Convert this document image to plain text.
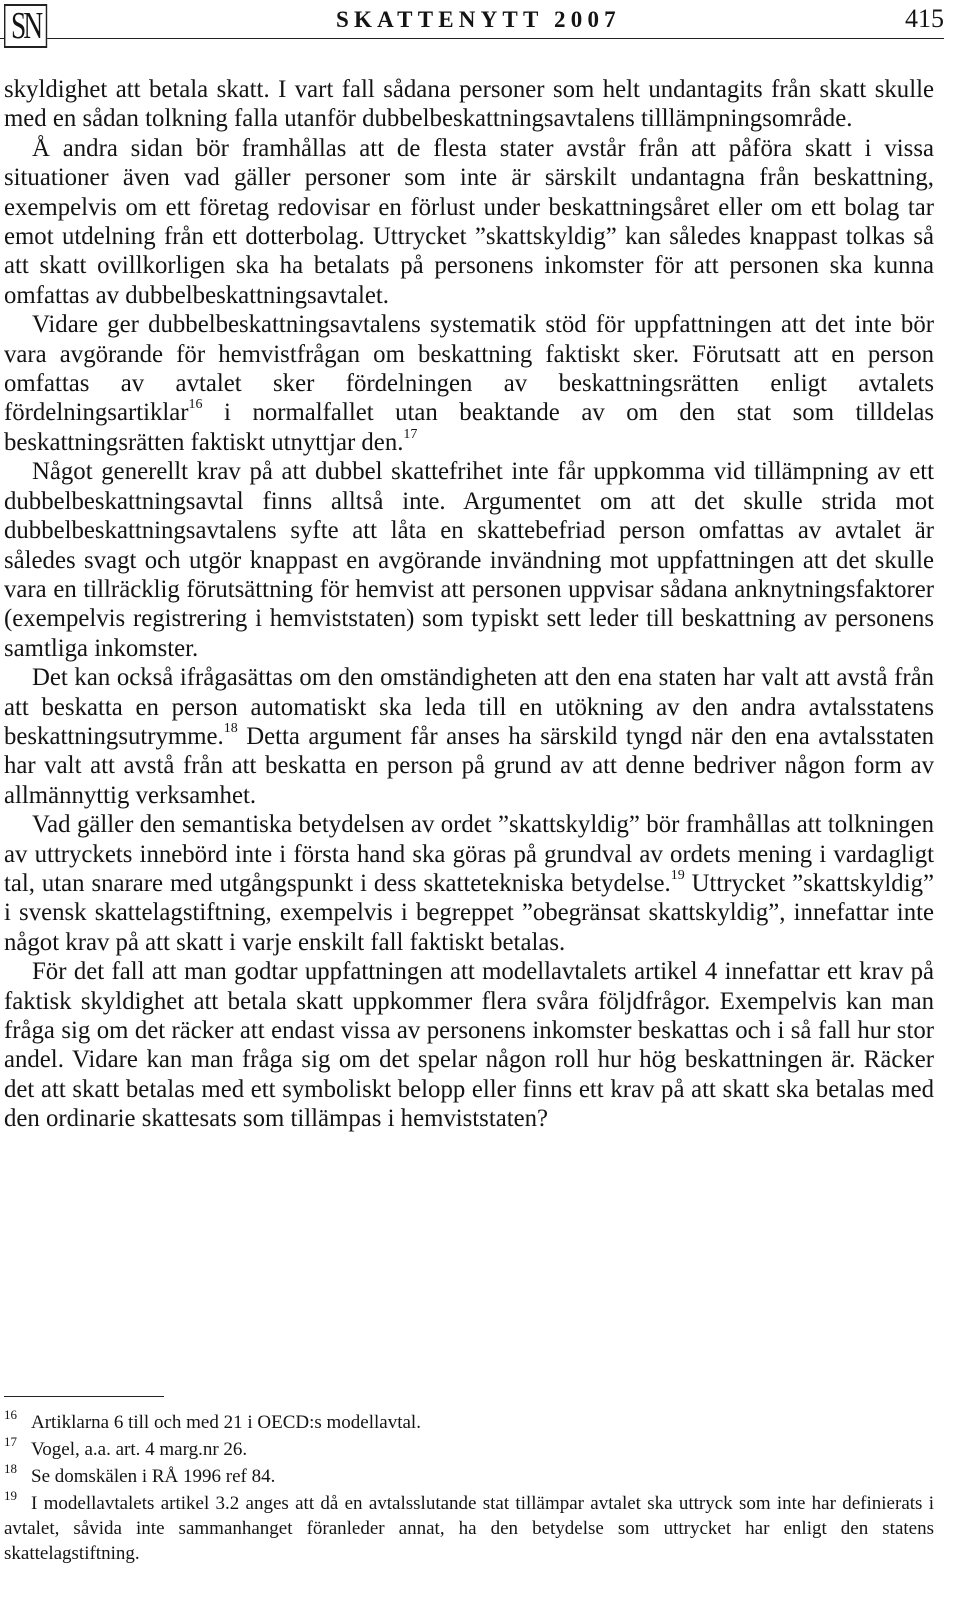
SN	SKATTENYTT 2007	415

skyldighet att betala skatt. I vart fall sådana personer som helt undantagits från skatt skulle med en sådan tolkning falla utanför dubbelbeskattningsavtalens tilllämpningsområde.

Å andra sidan bör framhållas att de flesta stater avstår från att påföra skatt i vissa situationer även vad gäller personer som inte är särskilt undantagna från beskattning, exempelvis om ett företag redovisar en förlust under beskattningsåret eller om ett bolag tar emot utdelning från ett dotterbolag. Uttrycket ”skattskyldig” kan således knappast tolkas så att skatt ovillkorligen ska ha betalats på personens inkomster för att personen ska kunna omfattas av dubbelbeskattningsavtalet.

Vidare ger dubbelbeskattningsavtalens systematik stöd för uppfattningen att det inte bör vara avgörande för hemvistfrågan om beskattning faktiskt sker. Förutsatt att en person omfattas av avtalet sker fördelningen av beskattningsrätten enligt avtalets fördelningsartiklar$^{16}$ i normalfallet utan beaktande av om den stat som tilldelas beskattningsrätten faktiskt utnyttjar den.$^{17}$

Något generellt krav på att dubbel skattefrihet inte får uppkomma vid tillämpning av ett dubbelbeskattningsavtal finns alltså inte. Argumentet om att det skulle strida mot dubbelbeskattningsavtalens syfte att låta en skattebefriad person omfattas av avtalet är således svagt och utgör knappast en avgörande invändning mot uppfattningen att det skulle vara en tillräcklig förutsättning för hemvist att personen uppvisar sådana anknytningsfaktorer (exempelvis registrering i hemviststaten) som typiskt sett leder till beskattning av personens samtliga inkomster.

Det kan också ifrågasättas om den omständigheten att den ena staten har valt att avstå från att beskatta en person automatiskt ska leda till en utökning av den andra avtalsstatens beskattningsutrymme.$^{18}$ Detta argument får anses ha särskild tyngd när den ena avtalsstaten har valt att avstå från att beskatta en person på grund av att denne bedriver någon form av allmännyttig verksamhet.

Vad gäller den semantiska betydelsen av ordet ”skattskyldig” bör framhållas att tolkningen av uttryckets innebörd inte i första hand ska göras på grundval av ordets mening i vardagligt tal, utan snarare med utgångspunkt i dess skattetekniska betydelse.$^{19}$ Uttrycket ”skattskyldig” i svensk skattelagstiftning, exempelvis i begreppet ”obegränsat skattskyldig”, innefattar inte något krav på att skatt i varje enskilt fall faktiskt betalas.

För det fall att man godtar uppfattningen att modellavtalets artikel 4 innefattar ett krav på faktisk skyldighet att betala skatt uppkommer flera svåra följdfrågor. Exempelvis kan man fråga sig om det räcker att endast vissa av personens inkomster beskattas och i så fall hur stor andel. Vidare kan man fråga sig om det spelar någon roll hur hög beskattningen är. Räcker det att skatt betalas med ett symboliskt belopp eller finns ett krav på att skatt ska betalas med den ordinarie skattesats som tillämpas i hemviststaten?

$^{16}$ Artiklarna 6 till och med 21 i OECD:s modellavtal.

$^{17}$ Vogel, a.a. art. 4 marg.nr 26.

$^{18}$ Se domskälen i RÅ 1996 ref 84.

$^{19}$ I modellavtalets artikel 3.2 anges att då en avtalsslutande stat tillämpar avtalet ska uttryck som inte har definierats i avtalet, såvida inte sammanhanget föranleder annat, ha den betydelse som uttrycket har enligt den statens skattelagstiftning.
